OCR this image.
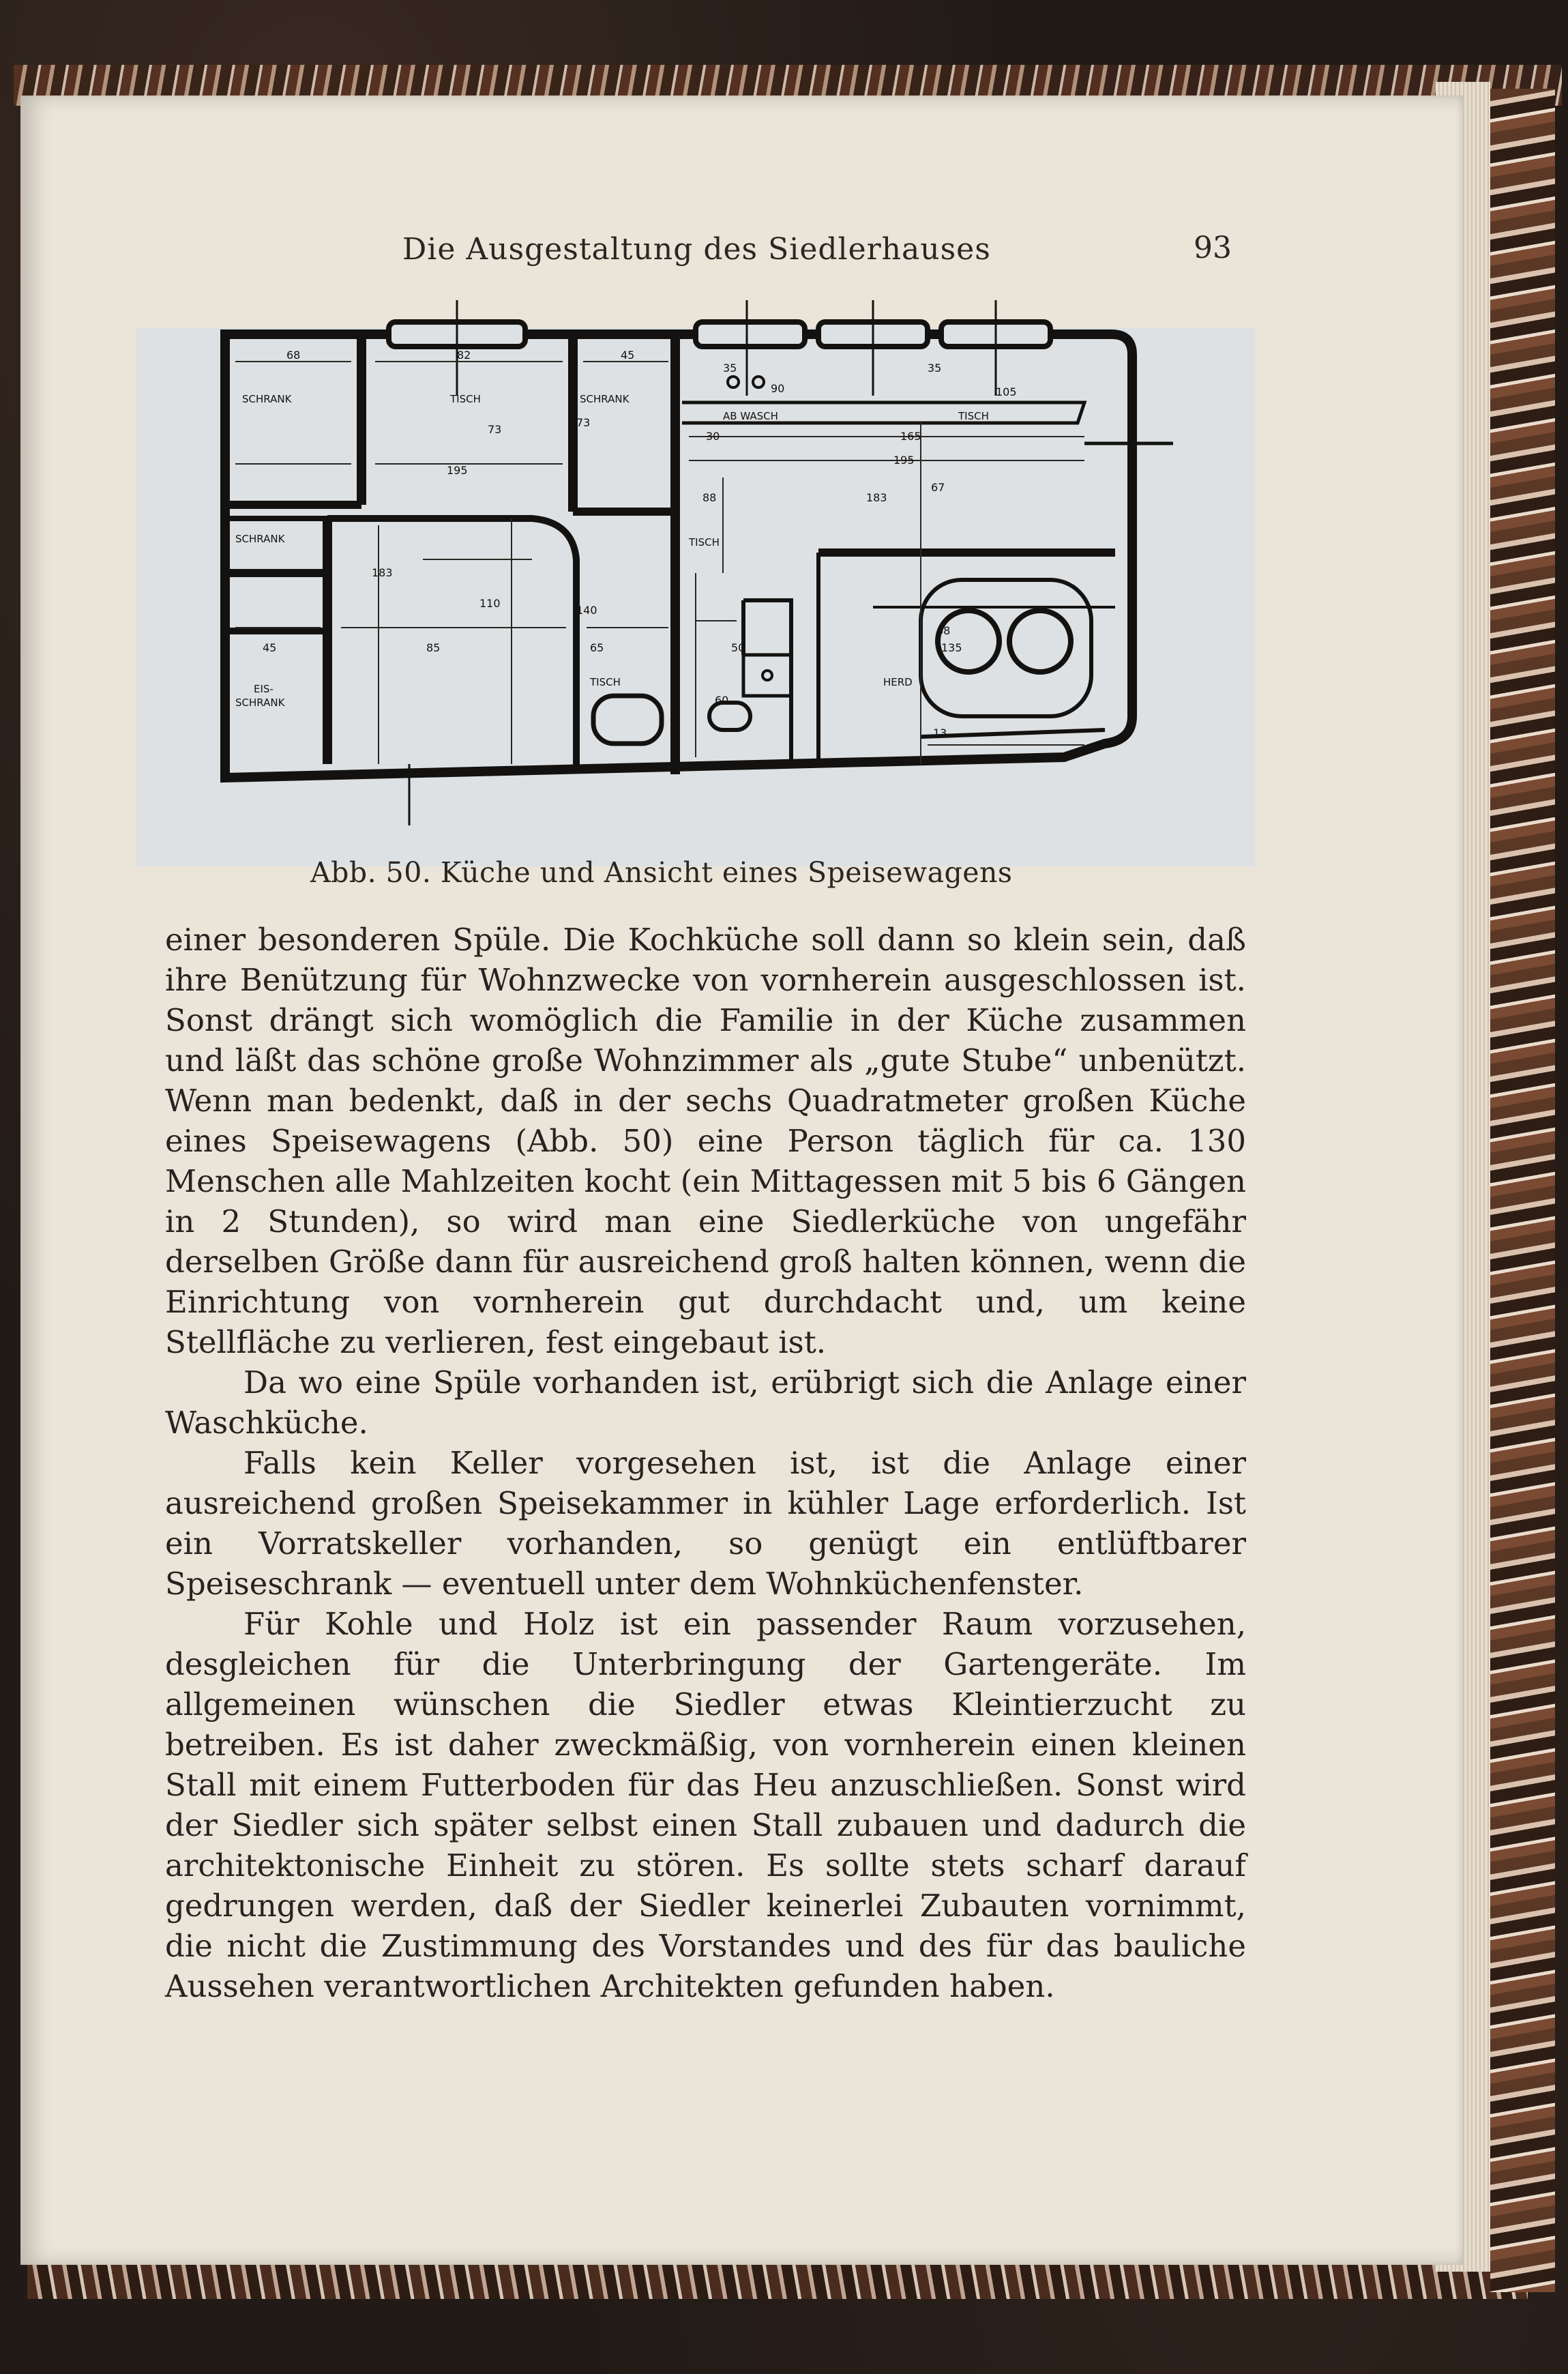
Die Ausgestaltung des Siedlerhauses	93
SCHRANK	TISCH	SCHRANK
SCHRANK
EIS-
SCHRANK
TISCH
TISCH
AB WASCH	TISCH
HERD
68	82	45
73
195
73
35
90
35
105
30	165
195
67
88	183
183
110
140
45	85	65	50
60
68
135
13
Abb. 50. Küche und Ansicht eines Speisewagens

einer besonderen Spüle. Die Kochküche soll dann so klein sein, daß ihre Benützung für Wohnzwecke von vornherein ausgeschlossen ist. Sonst drängt sich womöglich die Familie in der Küche zusammen und läßt das schöne große Wohnzimmer als „gute Stube“ unbenützt. Wenn man bedenkt, daß in der sechs Quadratmeter großen Küche eines Speisewagens (Abb. 50) eine Person täglich für ca. 130 Menschen alle Mahlzeiten kocht (ein Mittagessen mit 5 bis 6 Gängen in 2 Stunden), so wird man eine Siedlerküche von ungefähr derselben Größe dann für ausreichend groß halten können, wenn die Einrichtung von vornherein gut durchdacht und, um keine Stellfläche zu verlieren, fest eingebaut ist.

Da wo eine Spüle vorhanden ist, erübrigt sich die Anlage einer Waschküche.

Falls kein Keller vorgesehen ist, ist die Anlage einer ausreichend großen Speisekammer in kühler Lage erforderlich. Ist ein Vorratskeller vorhanden, so genügt ein entlüftbarer Speiseschrank — eventuell unter dem Wohnküchenfenster.

Für Kohle und Holz ist ein passender Raum vorzusehen, desgleichen für die Unterbringung der Gartengeräte. Im allgemeinen wünschen die Siedler etwas Kleintierzucht zu betreiben. Es ist daher zweckmäßig, von vornherein einen kleinen Stall mit einem Futterboden für das Heu anzuschließen. Sonst wird der Siedler sich später selbst einen Stall zubauen und dadurch die architektonische Einheit zu stören. Es sollte stets scharf darauf gedrungen werden, daß der Siedler keinerlei Zubauten vornimmt, die nicht die Zustimmung des Vorstandes und des für das bauliche Aussehen verantwortlichen Architekten gefunden haben.
